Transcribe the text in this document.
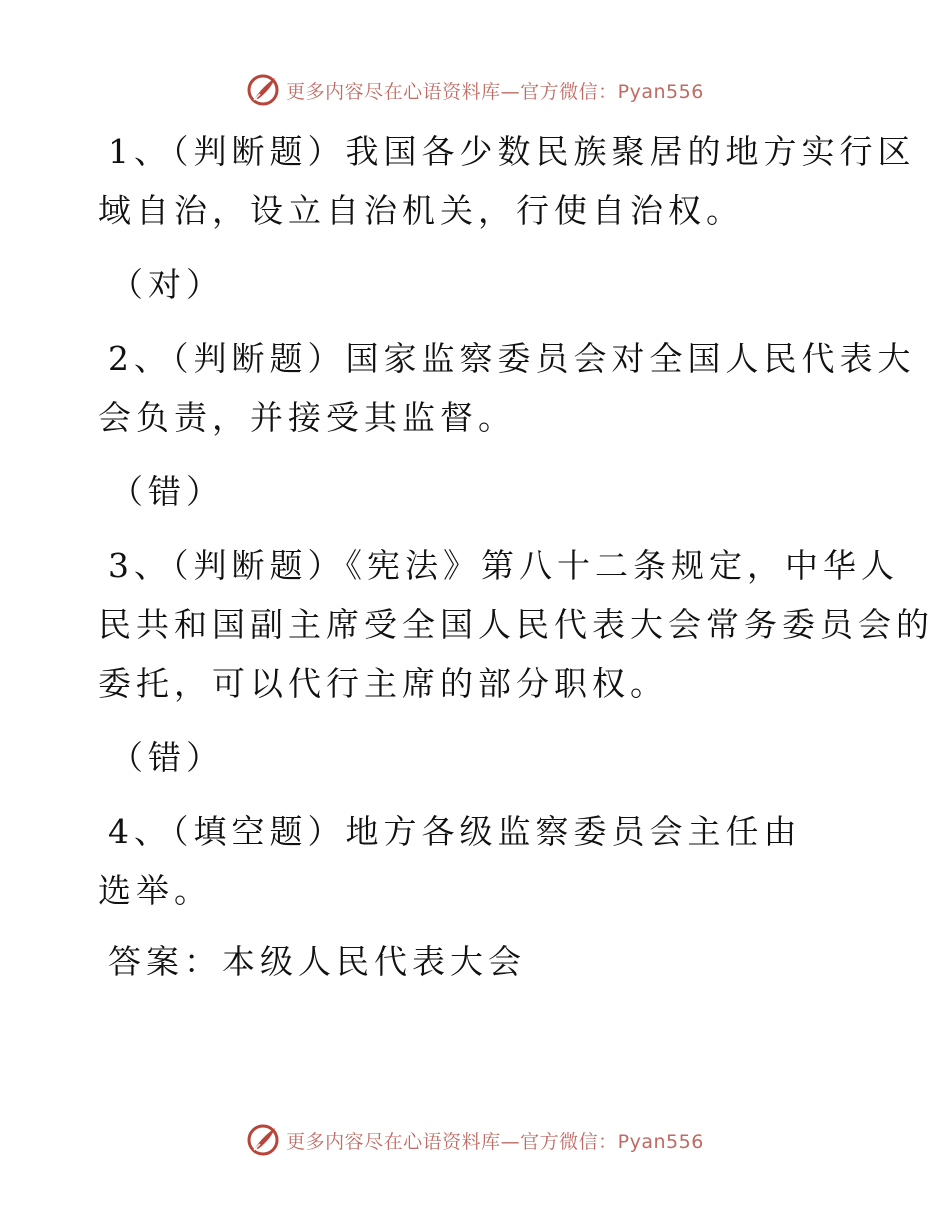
更多内容尽在心语资料库—官方微信：Pyan556
1、（判断题）我国各少数民族聚居的地方实行区
域自治，设立自治机关，行使自治权。
（对）
2、（判断题）国家监察委员会对全国人民代表大
会负责，并接受其监督。
（错）
3、（判断题）《宪法》第八十二条规定，中华人
民共和国副主席受全国人民代表大会常务委员会的
委托，可以代行主席的部分职权。
（错）
4、（填空题）地方各级监察委员会主任由
选举。
答案：本级人民代表大会
更多内容尽在心语资料库—官方微信：Pyan556
